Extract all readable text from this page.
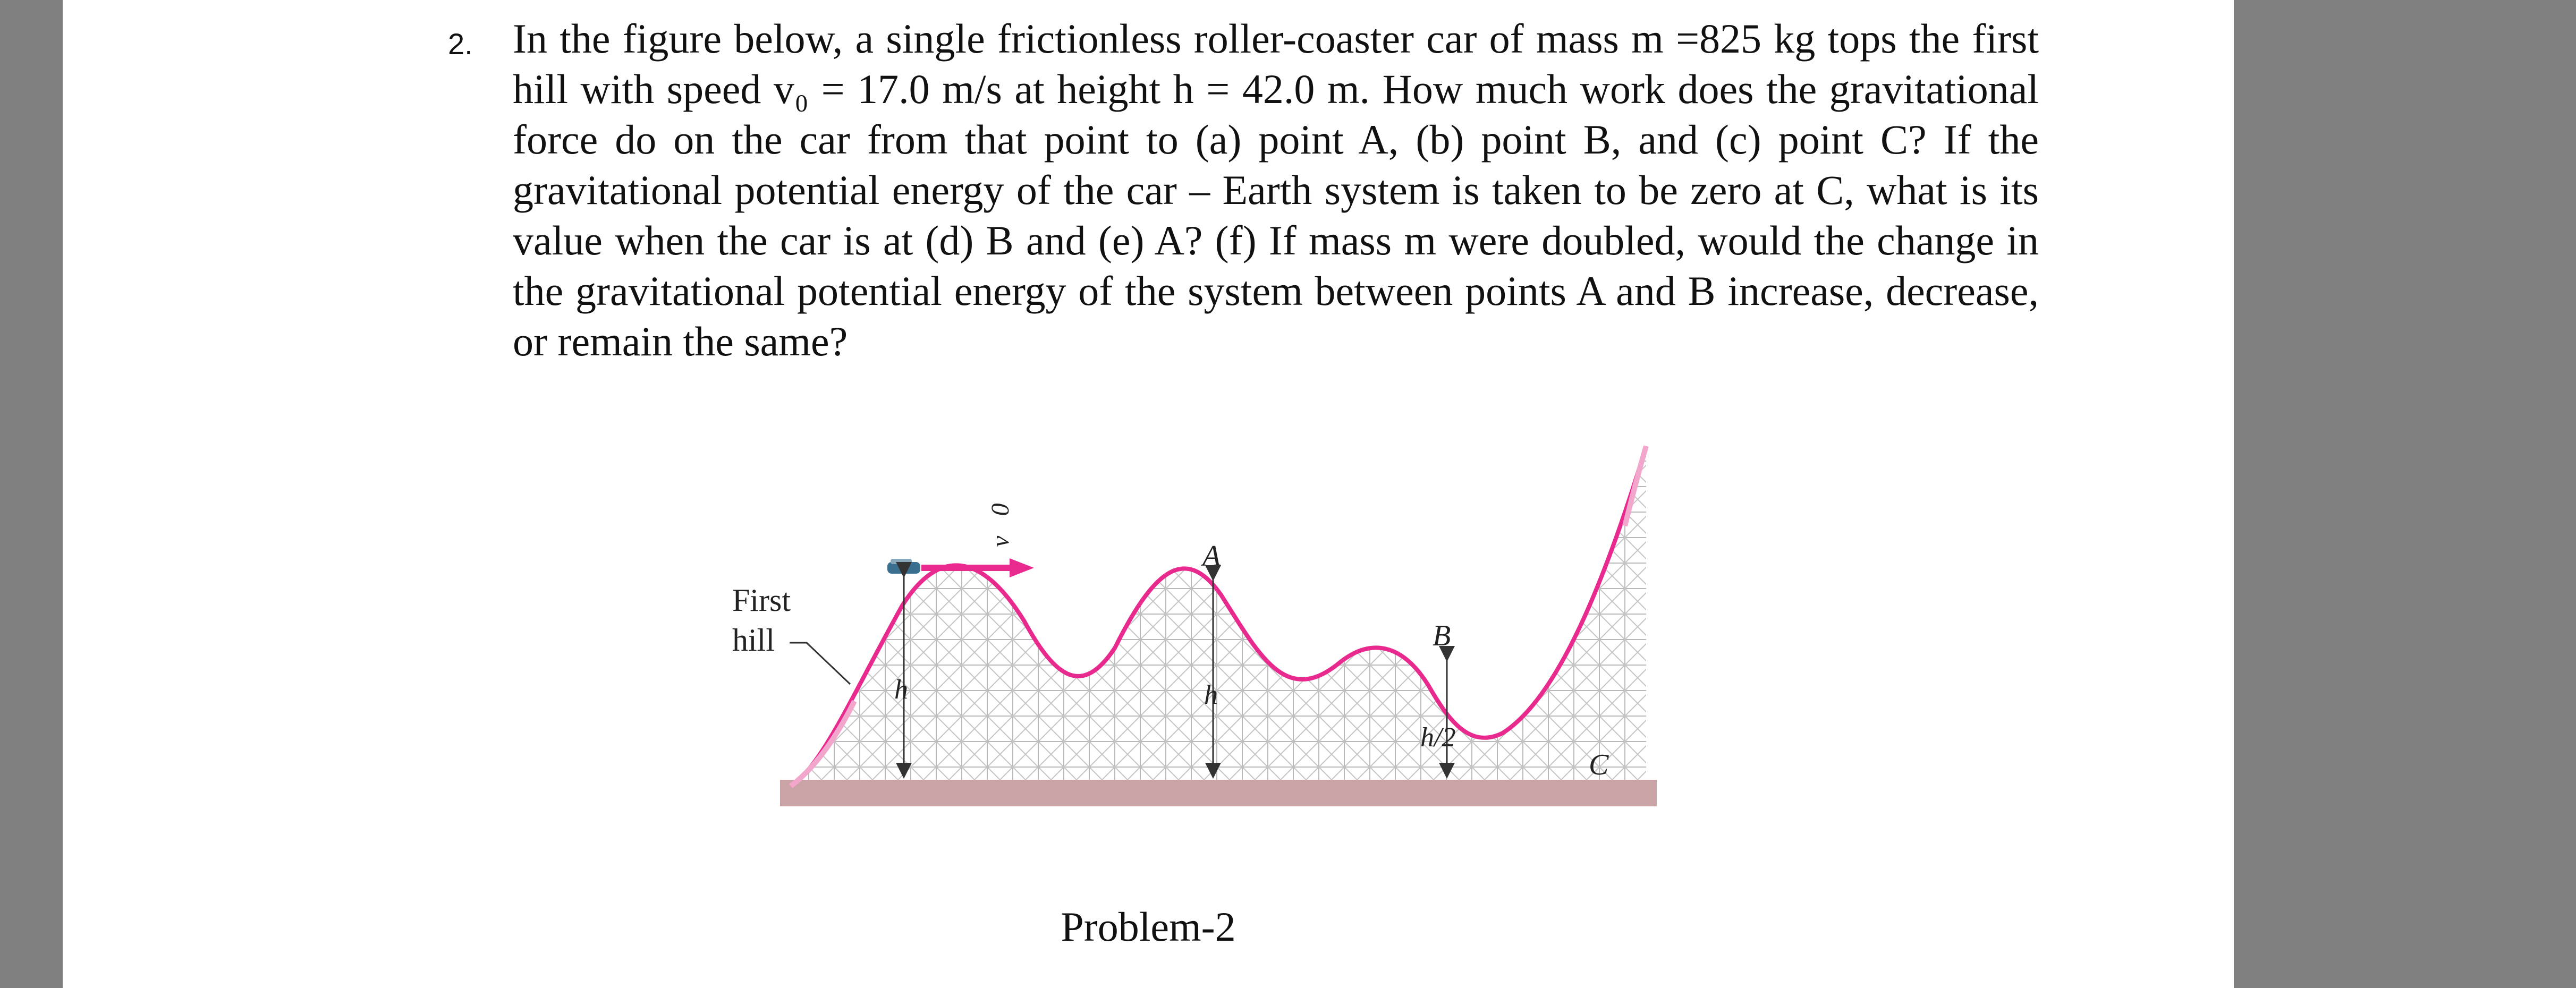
2. In the figure below, a single frictionless roller-coaster car of mass m =825 kg tops the first hill with speed v₀ = 17.0 m/s at height h = 42.0 m. How much work does the gravitational force do on the car from that point to (a) point A, (b) point B, and (c) point C? If the gravitational potential energy of the car – Earth system is taken to be zero at C, what is its value when the car is at (d) B and (e) A? (f) If mass m were doubled, would the change in the gravitational potential energy of the system between points A and B increase, decrease, or remain the same?

v⃗0
First
hill
h
A
h
B
h/2
C
Problem-2
